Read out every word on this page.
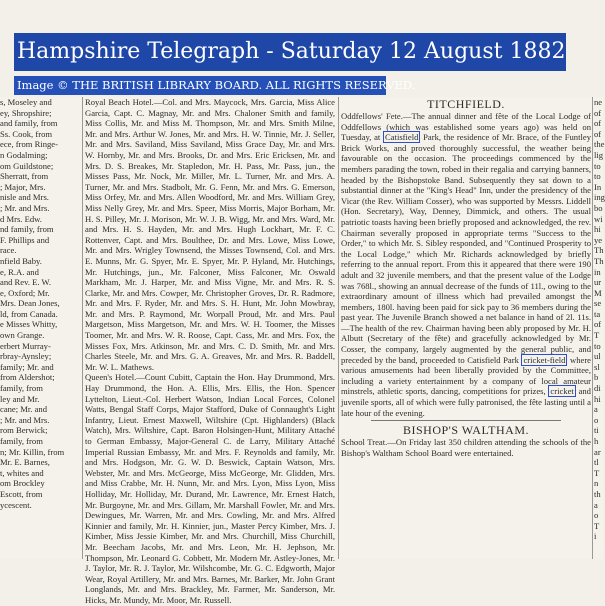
Hampshire Telegraph - Saturday 12 August 1882
Image © THE BRITISH LIBRARY BOARD. ALL RIGHTS RESERVED.
s, Moseley and
ey, Shropshire;
and family, from
Ss. Cook, from
ece, from Ringe-
n Godalming;
om Guildstone;
Sherratt, from
; Major, Mrs.
nisle and Mrs.
; Mr. and Mrs.
d Mrs. Edw.
nd family, from
F. Phillips and
race.
nfield Baby.
e, R.A. and
and Rev. E. W.
e, Oxford; Mr.
Mrs. Dean Jones,
ld, from Canada.
e Misses Whitty,
own Grange.
erbert Murray-
rbray-Aynsley;
family; Mr. and
from Aldershot;
family, from
ley and Mr.
cane; Mr. and
; Mr. and Mrs.
rom Berwick;
family, from
n; Mr. Killin, from
Mr. E. Barnes,
t, whites and
om Brockley
Escott, from
ycescent.

Royal Beach Hotel.—Col. and Mrs. Maycock, Mrs. Garcia, Miss Alice Garcia, Capt. C. Magnay, Mr. and Mrs. Chaloner Smith and family, Miss Collis, Mr. and Miss M. Thompson, Mr. and Mrs. Smith Milne, Mr. and Mrs. Arthur W. Jones, Mr. and Mrs. H. W. Tinnie, Mr. J. Seller, Mr. and Mrs. Saviland, Miss Saviland, Miss Grace Day, Mr. and Mrs. W. Hornby, Mr. and Mrs. Brooks, Dr. and Mrs. Eric Ericksen, Mr. and Mrs. D. S. Breakes, Mr. Stapledon, Mr. H. Pass, Mr. Pass, jun., the Misses Pass, Mr. Nock, Mr. Miller, Mr. L. Turner, Mr. and Mrs. A. Turner, Mr. and Mrs. Stadbolt, Mr. G. Fenn, Mr. and Mrs. G. Emerson, Miss Orfey, Mr. and Mrs. Allen Woodford, Mr. and Mrs. William Grey, Miss Nelly Grey, Mr. and Mrs. Speer, Miss Morris, Major Borham, Mr. H. S. Pilley, Mr. J. Morison, Mr. W. J. B. Wigg, Mr. and Mrs. Ward, Mr. and Mrs. H. S. Hayden, Mr. and Mrs. Hugh Lockhart, Mr. F. C. Rottenver, Capt. and Mrs. Boulthee, Dr. and Mrs. Lowe, Miss Lowe, Mr. and Mrs. Wrigley Townsend, the Misses Townsend, Col. and Mrs. E. Munns, Mr. G. Spyer, Mr. E. Spyer, Mr. P. Hyland, Mr. Hutchings, Mr. Hutchings, jun., Mr. Falconer, Miss Falconer, Mr. Oswald Markham, Mr. J. Harper, Mr. and Miss Vigne, Mr. and Mrs. R. S. Clarke, Mr. and Mrs. Cowper, Mr. Christopher Groves, Dr. R. Radmore, Mr. and Mrs. F. Ryder, Mr. and Mrs. S. H. Hunt, Mr. John Mowbray, Mr. and Mrs. P. Raymond, Mr. Worpall Proud, Mr. and Mrs. Paul Margetson, Miss Margetson, Mr. and Mrs. W. H. Toomer, the Misses Toomer, Mr. and Mrs. W. R. Roose, Capt. Cass, Mr. and Mrs. Fox, the Misses Fox, Mrs. Atkinson, Mr. and Mrs. C. D. Smith, Mr. and Mrs. Charles Steele, Mr. and Mrs. G. A. Greaves, Mr. and Mrs. R. Baddell, Mr. W. L. Mathews.

Queen's Hotel.—Count Cubitt, Captain the Hon. Hay Drummond, Mrs. Hay Drummond, the Hon. A. Ellis, Mrs. Ellis, the Hon. Spencer Lyttelton, Lieut.-Col. Herbert Watson, Indian Local Forces, Colonel Watts, Bengal Staff Corps, Major Stafford, Duke of Connaught's Light Infantry, Lieut. Ernest Maxwell, Wiltshire (Cpt. Highlanders) (Black Watch), Mrs. Wiltshire, Capt. Baron Holsingen-Hunt, Military Attaché to German Embassy, Major-General C. de Larry, Military Attaché Imperial Russian Embassy, Mr. and Mrs. F. Reynolds and family, Mr. and Mrs. Hodgson, Mr. G. W. D. Beswick, Captain Watson, Mrs. Webster, Mr. and Mrs. McGeorge, Miss McGeorge, Mr. Glidden, Mrs. and Miss Crabbe, Mr. H. Nunn, Mr. and Mrs. Lyon, Miss Lyon, Miss Holliday, Mr. Holliday, Mr. Durand, Mr. Lawrence, Mr. Ernest Hatch, Mr. Burgoyne, Mr. and Mrs. Gillam, Mr. Marshall Fowler, Mr. and Mrs. Dewingues, Mr. Warren, Mr. and Mrs. Cowling, Mr. and Mrs. Alfred Kinnier and family, Mr. H. Kinnier, jun., Master Percy Kimber, Mrs. J. Kimber, Miss Jessie Kimber, Mr. and Mrs. Churchill, Miss Churchill, Mr. Beecham Jacobs, Mr. and Mrs. Leon, Mr. H. Jephson, Mr. Thompson, Mr. Leonard G. Cobbett, Mr. Modern Mr. Astley-Jones, Mr. J. Taylor, Mr. R. J. Taylor, Mr. Wilshcombe, Mr. G. C. Edgworth, Major Wear, Royal Artillery, Mr. and Mrs. Barnes, Mr. Barker, Mr. John Grant Longlands, Mr. and Mrs. Brackley, Mr. Farmer, Mr. Sanderson, Mr. Hicks, Mr. Mundy, Mr. Moor, Mr. Russell.

TITCHFIELD.

Oddfellows' Fete.—The annual dinner and fête of the Local Lodge of Oddfellows (which was established some years ago) was held on Tuesday, at Catisfield Park, the residence of Mr. Brace, of the Funtley Brick Works, and proved thoroughly successful, the weather being favourable on the occasion. The proceedings commenced by the members parading the town, robed in their regalia and carrying banners, headed by the Bishopstoke Band. Subsequently they sat down to a substantial dinner at the "King's Head" Inn, under the presidency of the Vicar (the Rev. William Cosser), who was supported by Messrs. Liddell (Hon. Secretary), Way, Denney, Dimmick, and others. The usual patriotic toasts having been briefly proposed and acknowledged, the rev. Chairman severally proposed in appropriate terms "Success to the Order," to which Mr. S. Sibley responded, and "Continued Prosperity to the Local Lodge," which Mr. Richards acknowledged by briefly referring to the annual report. From this it appeared that there were 190 adult and 32 juvenile members, and that the present value of the Lodge was 768l., showing an annual decrease of the funds of 11l., owing to the extraordinary amount of illness which had prevailed amongst the members, 180l. having been paid for sick pay to 36 members during the past year. The Juvenile Branch showed a net balance in hand of 2l. 11s.—The health of the rev. Chairman having been ably proposed by Mr. H. Albutt (Secretary of the fête) and gracefully acknowledged by Mr. Cosser, the company, largely augmented by the general public, and preceded by the band, proceeded to Catisfield Park cricket-field where various amusements had been liberally provided by the Committee, including a variety entertainment by a company of local amateur minstrels, athletic sports, dancing, competitions for prizes, cricket and juvenile sports, all of which were fully patronised, the fête lasting until a late hour of the evening.

BISHOP'S WALTHAM.

School Treat.—On Friday last 350 children attending the schools of the Bishop's Waltham School Board were entertained.

ne
of
of
of
the
lig
to
to
In
ing
bo
wi
hi
ye
Th
Th
in
ur
M
se
ta
of
T
to
ul
sl
b
di
hi
a
o
ti
h
ar
tl
T
n
th
a
o
T
i
